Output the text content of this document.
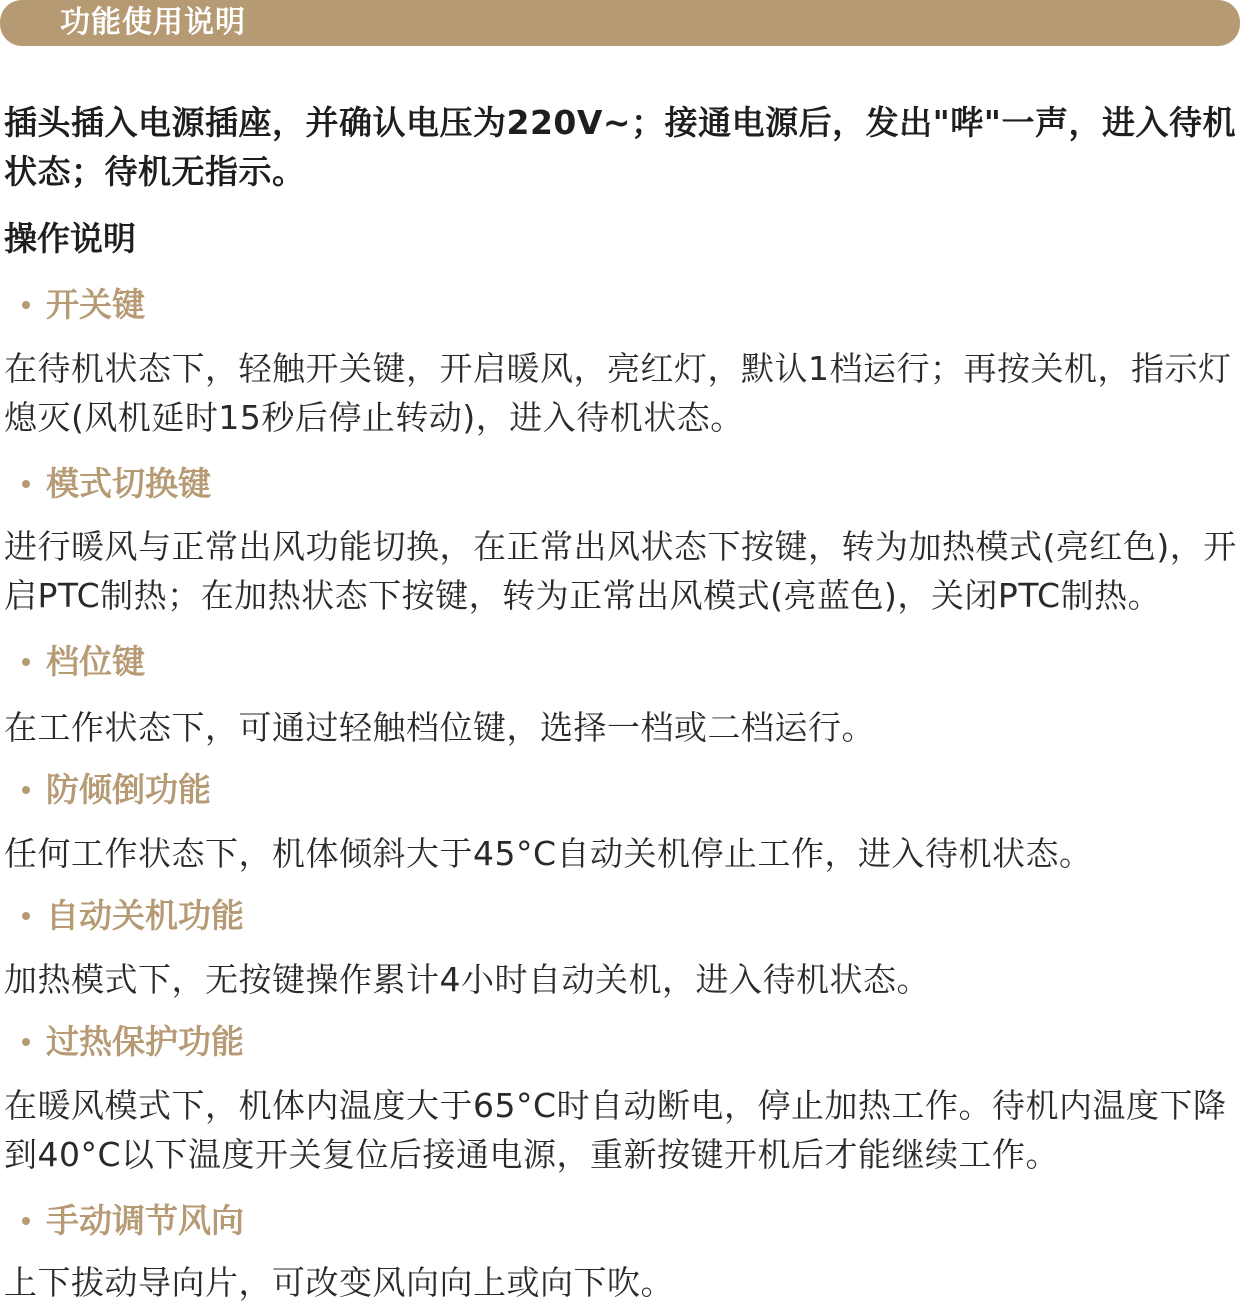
功能使用说明

插头插入电源插座，并确认电压为220V~；接通电源后，发出"哔"一声，进入待机状态；待机无指示。

操作说明
开关键

在待机状态下，轻触开关键，开启暖风，亮红灯，默认1档运行；再按关机，指示灯熄灭(风机延时15秒后停止转动)，进入待机状态。

模式切换键

进行暖风与正常出风功能切换，在正常出风状态下按键，转为加热模式(亮红色)，开启PTC制热；在加热状态下按键，转为正常出风模式(亮蓝色)，关闭PTC制热。

档位键

在工作状态下，可通过轻触档位键，选择一档或二档运行。

防倾倒功能

任何工作状态下，机体倾斜大于45°C自动关机停止工作，进入待机状态。

自动关机功能

加热模式下，无按键操作累计4小时自动关机，进入待机状态。

过热保护功能

在暖风模式下，机体内温度大于65°C时自动断电，停止加热工作。待机内温度下降到40°C以下温度开关复位后接通电源，重新按键开机后才能继续工作。

手动调节风向

上下拔动导向片，可改变风向向上或向下吹。
